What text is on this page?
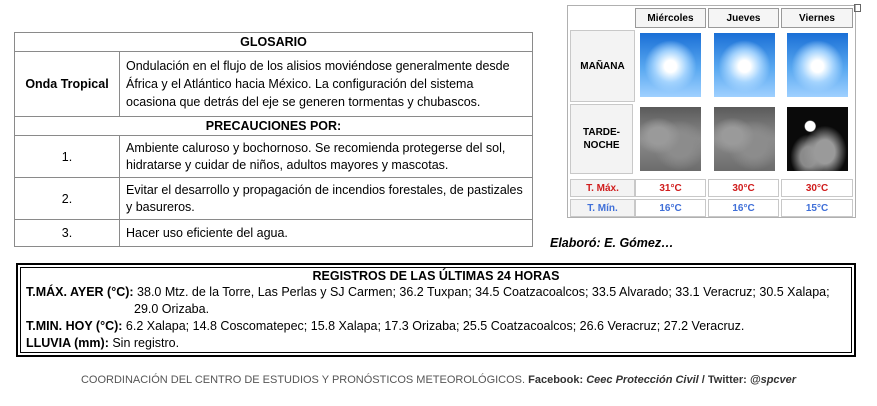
GLOSARIO	
Onda Tropical	Ondulación en el flujo de los alisios moviéndose generalmente desde África y el Atlántico hacia México. La configuración del sistema ocasiona que detrás del eje se generen tormentas y chubascos.
PRECAUCIONES POR:	
1.	Ambiente caluroso y bochornoso. Se recomienda protegerse del sol, hidratarse y cuidar de niños, adultos mayores y mascotas.
2.	Evitar el desarrollo y propagación de incendios forestales, de pastizales y basureros.
3.	Hacer uso eficiente del agua.
Miércoles	Jueves	Viernes
MAÑANA
TARDE-NOCHE
T. Máx.	31°C	30°C	30°C
T. Mín.	16°C	16°C	15°C
Elaboró: E. Gómez…
REGISTROS DE LAS ÚLTIMAS 24 HORAS
T.MÁX. AYER (°C): 38.0 Mtz. de la Torre, Las Perlas y SJ Carmen; 36.2 Tuxpan; 34.5 Coatzacoalcos; 33.5 Alvarado; 33.1 Veracruz; 30.5 Xalapa;
29.0 Orizaba.
T.MIN. HOY (°C): 6.2 Xalapa; 14.8 Coscomatepec; 15.8 Xalapa; 17.3 Orizaba; 25.5 Coatzacoalcos; 26.6 Veracruz; 27.2 Veracruz.
LLUVIA (mm): Sin registro.
COORDINACIÓN DEL CENTRO DE ESTUDIOS Y PRONÓSTICOS METEOROLÓGICOS. Facebook: Ceec Protección Civil / Twitter: @spcver
